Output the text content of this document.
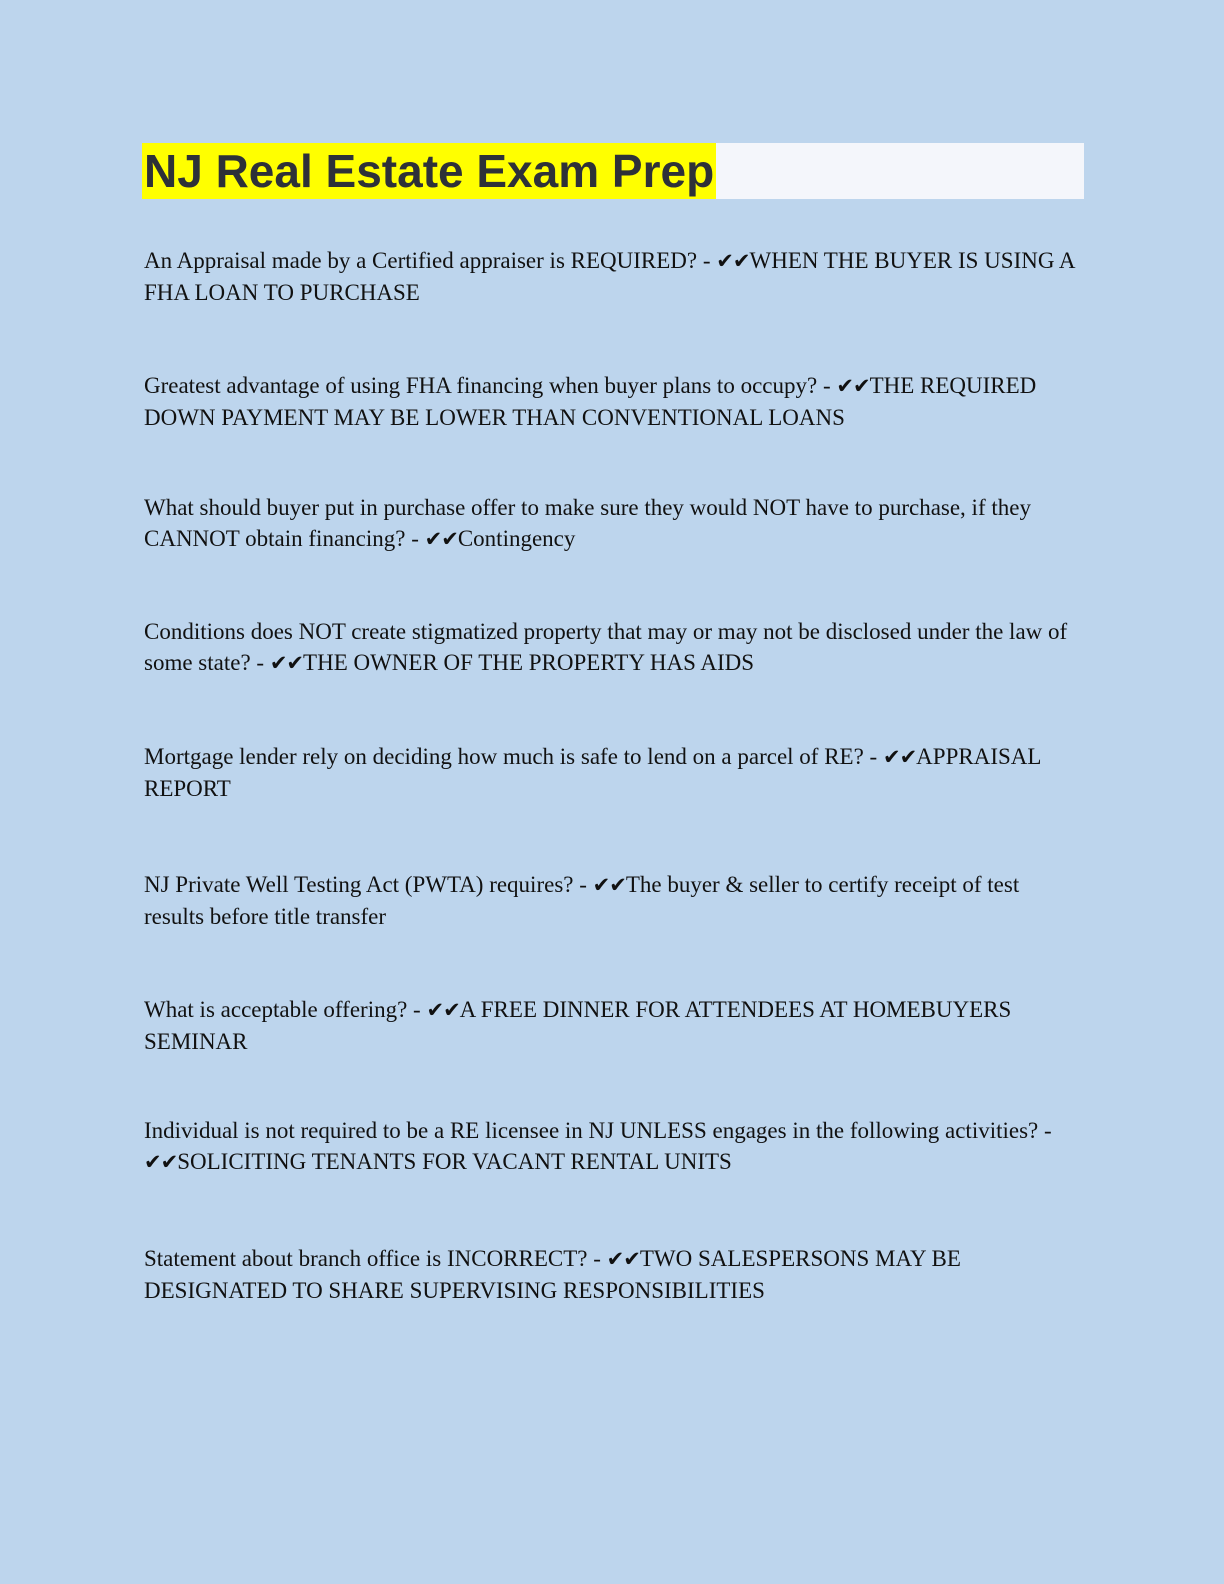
NJ Real Estate Exam Prep

An Appraisal made by a Certified appraiser is REQUIRED? - ✔✔WHEN THE BUYER IS USING A FHA LOAN TO PURCHASE

Greatest advantage of using FHA financing when buyer plans to occupy? - ✔✔THE REQUIRED DOWN PAYMENT MAY BE LOWER THAN CONVENTIONAL LOANS

What should buyer put in purchase offer to make sure they would NOT have to purchase, if they CANNOT obtain financing? - ✔✔Contingency

Conditions does NOT create stigmatized property that may or may not be disclosed under the law of some state? - ✔✔THE OWNER OF THE PROPERTY HAS AIDS

Mortgage lender rely on deciding how much is safe to lend on a parcel of RE? - ✔✔APPRAISAL REPORT

NJ Private Well Testing Act (PWTA) requires? - ✔✔The buyer & seller to certify receipt of test results before title transfer

What is acceptable offering? - ✔✔A FREE DINNER FOR ATTENDEES AT HOMEBUYERS SEMINAR

Individual is not required to be a RE licensee in NJ UNLESS engages in the following activities? - ✔✔SOLICITING TENANTS FOR VACANT RENTAL UNITS

Statement about branch office is INCORRECT? - ✔✔TWO SALESPERSONS MAY BE DESIGNATED TO SHARE SUPERVISING RESPONSIBILITIES
